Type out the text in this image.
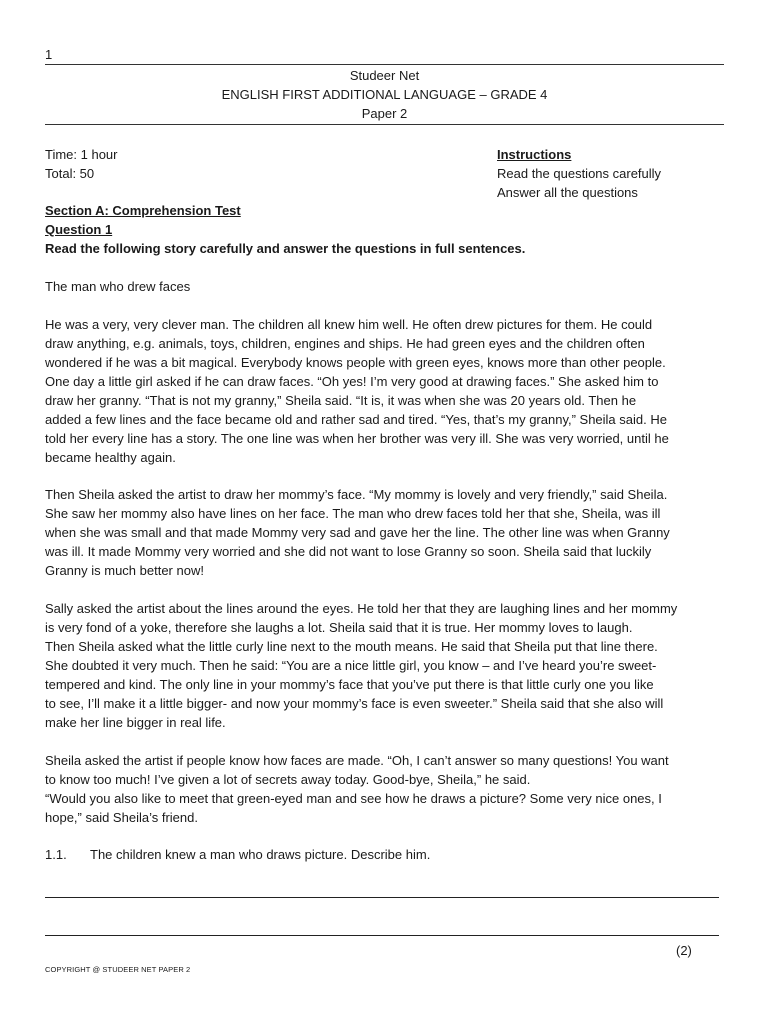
1
Studeer Net
ENGLISH FIRST ADDITIONAL LANGUAGE – GRADE 4
Paper 2
Time: 1 hour
Total: 50
Instructions
Read the questions carefully
Answer all the questions
Section A: Comprehension Test
Question 1
Read the following story carefully and answer the questions in full sentences.
The man who drew faces
He was a very, very clever man. The children all knew him well. He often drew pictures for them. He could
draw anything, e.g. animals, toys, children, engines and ships. He had green eyes and the children often
wondered if he was a bit magical. Everybody knows people with green eyes, knows more than other people.
One day a little girl asked if he can draw faces. “Oh yes! I’m very good at drawing faces.” She asked him to
draw her granny. “That is not my granny,” Sheila said. “It is, it was when she was 20 years old. Then he
added a few lines and the face became old and rather sad and tired. “Yes, that’s my granny,” Sheila said. He
told her every line has a story. The one line was when her brother was very ill. She was very worried, until he
became healthy again.
Then Sheila asked the artist to draw her mommy’s face. “My mommy is lovely and very friendly,” said Sheila.
She saw her mommy also have lines on her face. The man who drew faces told her that she, Sheila, was ill
when she was small and that made Mommy very sad and gave her the line. The other line was when Granny
was ill. It made Mommy very worried and she did not want to lose Granny so soon. Sheila said that luckily
Granny is much better now!
Sally asked the artist about the lines around the eyes. He told her that they are laughing lines and her mommy
is very fond of a yoke, therefore she laughs a lot. Sheila said that it is true. Her mommy loves to laugh.
Then Sheila asked what the little curly line next to the mouth means. He said that Sheila put that line there.
She doubted it very much. Then he said: “You are a nice little girl, you know – and I’ve heard you’re sweet-
tempered and kind. The only line in your mommy’s face that you’ve put there is that little curly one you like
to see, I’ll make it a little bigger- and now your mommy’s face is even sweeter.” Sheila said that she also will
make her line bigger in real life.
Sheila asked the artist if people know how faces are made. “Oh, I can’t answer so many questions! You want
to know too much! I’ve given a lot of secrets away today. Good-bye, Sheila,” he said.
“Would you also like to meet that green-eyed man and see how he draws a picture? Some very nice ones, I
hope,” said Sheila’s friend.
1.1. The children knew a man who draws picture. Describe him.
(2)
COPYRIGHT @ STUDEER NET PAPER 2
